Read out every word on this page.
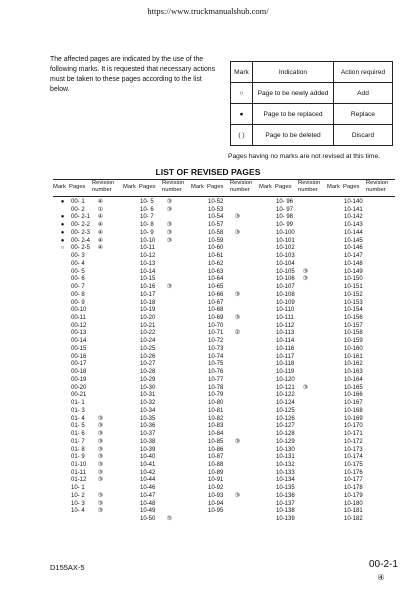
https://www.truckmanualshub.com/
The affected pages are indicated by the use of the following marks. It is requested that necessary actions must be taken to these pages according to the list below.
Mark	Indication	Action required
○	Page to be newly added	Add
●	Page to be replaced	Replace
( )	Page to be deleted	Discard
Pages having no marks are not revised at this time.
LIST OF REVISED PAGES
Mark Pages
Revision number	Mark Pages
Revision number	Mark Pages
Revision number	Mark Pages
Revision number	Mark Pages
Revision number
● 00- 1 ④
00- 2 ①
● 00- 2-1 ④
● 00- 2-2 ④
● 00- 2-3 ④
● 00- 2-4 ④
○ 00- 2-5 ④
00- 3
00- 4
00- 5
00- 6
00- 7
00- 8
00- 9
00-10
00-11
00-12
00-13
00-14
00-15
00-16
00-17
00-18
00-19
00-20
00-21
01- 1
01- 3
01- 4 ③
01- 5 ③
01- 6 ③
01- 7 ③
01- 8 ③
01- 9 ③
01-10 ③
01-11 ③
01-12 ③
10- 1
10- 2 ③
10- 3 ③
10- 4 ③
10- 5 ③
10- 6 ③
10- 7
10- 8 ③
10- 9 ③
10-10 ③
10-11
10-12
10-13
10-14
10-15
10-16 ③
10-17
10-18
10-19
10-20
10-21
10-22
10-24
10-25
10-26
10-27
10-28
10-29
10-30
10-31
10-32
10-34
10-35
10-36
10-37
10-38
10-39
10-40
10-41
10-42
10-44
10-46
10-47
10-48
10-49
10-50 ⑤
10-52
10-53
10-54 ③
10-57
10-58 ③
10-59
10-60
10-61
10-62
10-63
10-64
10-65
10-66 ③
10-67
10-68
10-69 ③
10-70
10-71 ②
10-72
10-73
10-74
10-75
10-76
10-77
10-78
10-79
10-80
10-81
10-82
10-83
10-84
10-85 ③
10-86
10-87
10-88
10-89
10-91
10-92
10-93 ③
10-94
10-95
10- 96
10- 97
10- 98
10- 99
10-100
10-101
10-102
10-103
10-104
10-105 ③
10-106 ③
10-107
10-108
10-109
10-110
10-111
10-112
10-113
10-114
10-116
10-117
10-118
10-119
10-120
10-121 ③
10-122
10-124
10-125
10-126
10-127
10-128
10-129
10-130
10-131
10-132
10-133
10-134
10-135
10-136
10-137
10-138
10-139
10-140
10-141
10-142
10-143
10-144
10-145
10-146
10-147
10-148
10-149
10-150
10-151
10-152
10-153
10-154
10-156
10-157
10-158
10-159
10-160
10-161
10-162
10-163
10-164
10-165
10-166
10-167
10-168
10-169
10-170
10-171
10-172
10-173
10-174
10-175
10-176
10-177
10-178
10-179
10-180
10-181
10-182
D155AX-5	00-2-1
④
